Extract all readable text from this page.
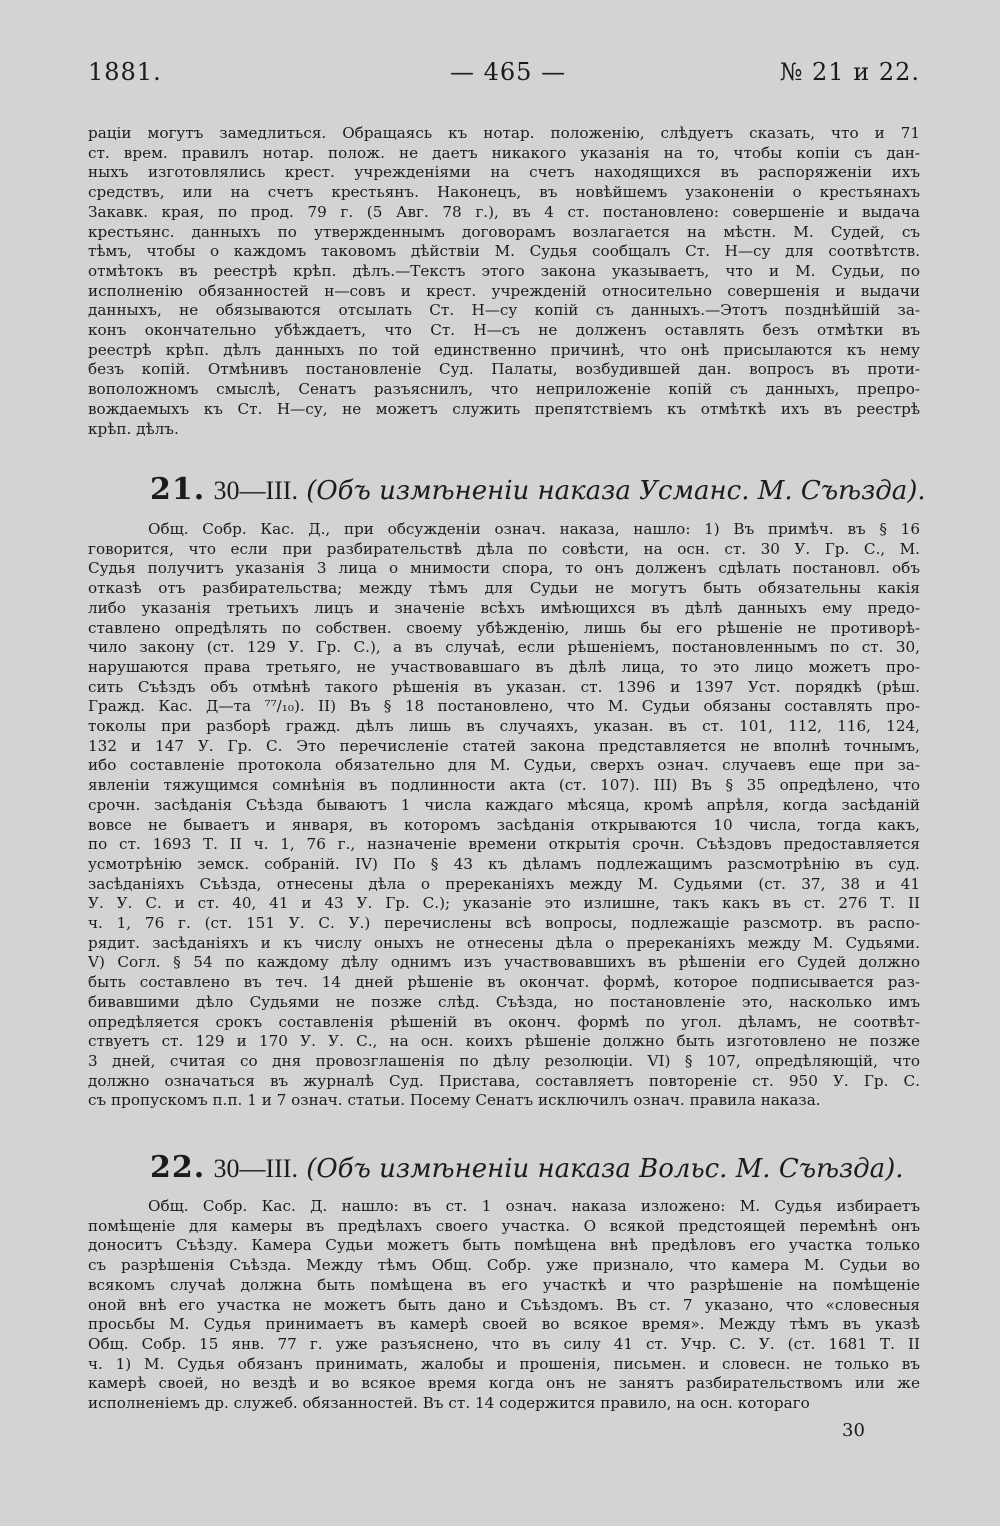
1881.	— 465 —	№ 21 и 22.
раціи могутъ замедлиться. Обращаясь къ нотар. положенію, слѣдуетъ сказать, что и 71
ст. врем. правилъ нотар. полож. не даетъ никакого указанія на то, чтобы копіи съ дан-
ныхъ изготовлялись крест. учрежденіями на счетъ находящихся въ распоряженіи ихъ
средствъ, или на счетъ крестьянъ. Наконецъ, въ новѣйшемъ узаконеніи о крестьянахъ
Закавк. края, по прод. 79 г. (5 Авг. 78 г.), въ 4 ст. постановлено: совершеніе и выдача
крестьянс. данныхъ по утвержденнымъ договорамъ возлагается на мѣстн. М. Судей, съ
тѣмъ, чтобы о каждомъ таковомъ дѣйствіи М. Судья сообщалъ Ст. Н—су для соотвѣтств.
отмѣтокъ въ реестрѣ крѣп. дѣлъ.—Текстъ этого закона указываетъ, что и М. Судьи, по
исполненію обязанностей н—совъ и крест. учрежденій относительно совершенія и выдачи
данныхъ, не обязываются отсылать Ст. Н—су копій съ данныхъ.—Этотъ позднѣйшій за-
конъ окончательно убѣждаетъ, что Ст. Н—съ не долженъ оставлять безъ отмѣтки въ
реестрѣ крѣп. дѣлъ данныхъ по той единственно причинѣ, что онѣ присылаются къ нему
безъ копій. Отмѣнивъ постановленіе Суд. Палаты, возбудившей дан. вопросъ въ проти-
воположномъ смыслѣ, Сенатъ разъяснилъ, что неприложеніе копій съ данныхъ, препро-
вождаемыхъ къ Ст. Н—су, не можетъ служить препятствіемъ къ отмѣткѣ ихъ въ реестрѣ
крѣп. дѣлъ.
21. 30—III. (Объ измѣненіи наказа Усманс. М. Съѣзда).
Общ. Собр. Кас. Д., при обсужденіи означ. наказа, нашло: 1) Въ примѣч. въ § 16
говорится, что если при разбирательствѣ дѣла по совѣсти, на осн. ст. 30 У. Гр. С., М.
Судья получитъ указанія 3 лица о мнимости спора, то онъ долженъ сдѣлать постановл. объ
отказѣ отъ разбирательства; между тѣмъ для Судьи не могутъ быть обязательны какія
либо указанія третьихъ лицъ и значеніе всѣхъ имѣющихся въ дѣлѣ данныхъ ему предо-
ставлено опредѣлять по собствен. своему убѣжденію, лишь бы его рѣшеніе не противорѣ-
чило закону (ст. 129 У. Гр. С.), а въ случаѣ, если рѣшеніемъ, постановленнымъ по ст. 30,
нарушаются права третьяго, не участвовавшаго въ дѣлѣ лица, то это лицо можетъ про-
сить Съѣздъ объ отмѣнѣ такого рѣшенія въ указан. ст. 1396 и 1397 Уст. порядкѣ (рѣш.
Гражд. Кас. Д—та ⁷⁷/₁₀). II) Въ § 18 постановлено, что М. Судьи обязаны составлять про-
токолы при разборѣ гражд. дѣлъ лишь въ случаяхъ, указан. въ ст. 101, 112, 116, 124,
132 и 147 У. Гр. С. Это перечисленіе статей закона представляется не вполнѣ точнымъ,
ибо составленіе протокола обязательно для М. Судьи, сверхъ означ. случаевъ еще при за-
явленіи тяжущимся сомнѣнія въ подлинности акта (ст. 107). III) Въ § 35 опредѣлено, что
срочн. засѣданія Съѣзда бываютъ 1 числа каждаго мѣсяца, кромѣ апрѣля, когда засѣданій
вовсе не бываетъ и января, въ которомъ засѣданія открываются 10 числа, тогда какъ,
по ст. 1693 Т. II ч. 1, 76 г., назначеніе времени открытія срочн. Съѣздовъ предоставляется
усмотрѣнію земск. собраній. IV) По § 43 къ дѣламъ подлежащимъ разсмотрѣнію въ суд.
засѣданіяхъ Съѣзда, отнесены дѣла о пререканіяхъ между М. Судьями (ст. 37, 38 и 41
У. У. С. и ст. 40, 41 и 43 У. Гр. С.); указаніе это излишне, такъ какъ въ ст. 276 Т. II
ч. 1, 76 г. (ст. 151 У. С. У.) перечислены всѣ вопросы, подлежащіе разсмотр. въ распо-
рядит. засѣданіяхъ и къ числу оныхъ не отнесены дѣла о пререканіяхъ между М. Судьями.
V) Согл. § 54 по каждому дѣлу однимъ изъ участвовавшихъ въ рѣшеніи его Судей должно
быть составлено въ теч. 14 дней рѣшеніе въ окончат. формѣ, которое подписывается раз-
бивавшими дѣло Судьями не позже слѣд. Съѣзда, но постановленіе это, насколько имъ
опредѣляется срокъ составленія рѣшеній въ оконч. формѣ по угол. дѣламъ, не соотвѣт-
ствуетъ ст. 129 и 170 У. У. С., на осн. коихъ рѣшеніе должно быть изготовлено не позже
3 дней, считая со дня провозглашенія по дѣлу резолюціи. VI) § 107, опредѣляющій, что
должно означаться въ журналѣ Суд. Пристава, составляетъ повтореніе ст. 950 У. Гр. С.
съ пропускомъ п.п. 1 и 7 означ. статьи. Посему Сенатъ исключилъ означ. правила наказа.
22. 30—III. (Объ измѣненіи наказа Вольс. М. Съѣзда).
Общ. Собр. Кас. Д. нашло: въ ст. 1 означ. наказа изложено: М. Судья избираетъ
помѣщеніе для камеры въ предѣлахъ своего участка. О всякой предстоящей перемѣнѣ онъ
доноситъ Съѣзду. Камера Судьи можетъ быть помѣщена внѣ предѣловъ его участка только
съ разрѣшенія Съѣзда. Между тѣмъ Общ. Собр. уже признало, что камера М. Судьи во
всякомъ случаѣ должна быть помѣщена въ его участкѣ и что разрѣшеніе на помѣщеніе
оной внѣ его участка не можетъ быть дано и Съѣздомъ. Въ ст. 7 указано, что «словесныя
просьбы М. Судья принимаетъ въ камерѣ своей во всякое время». Между тѣмъ въ указѣ
Общ. Собр. 15 янв. 77 г. уже разъяснено, что въ силу 41 ст. Учр. С. У. (ст. 1681 Т. II
ч. 1) М. Судья обязанъ принимать, жалобы и прошенія, письмен. и словесн. не только въ
камерѣ своей, но вездѣ и во всякое время когда онъ не занятъ разбирательствомъ или же
исполненіемъ др. служеб. обязанностей. Въ ст. 14 содержится правило, на осн. котораго
30
